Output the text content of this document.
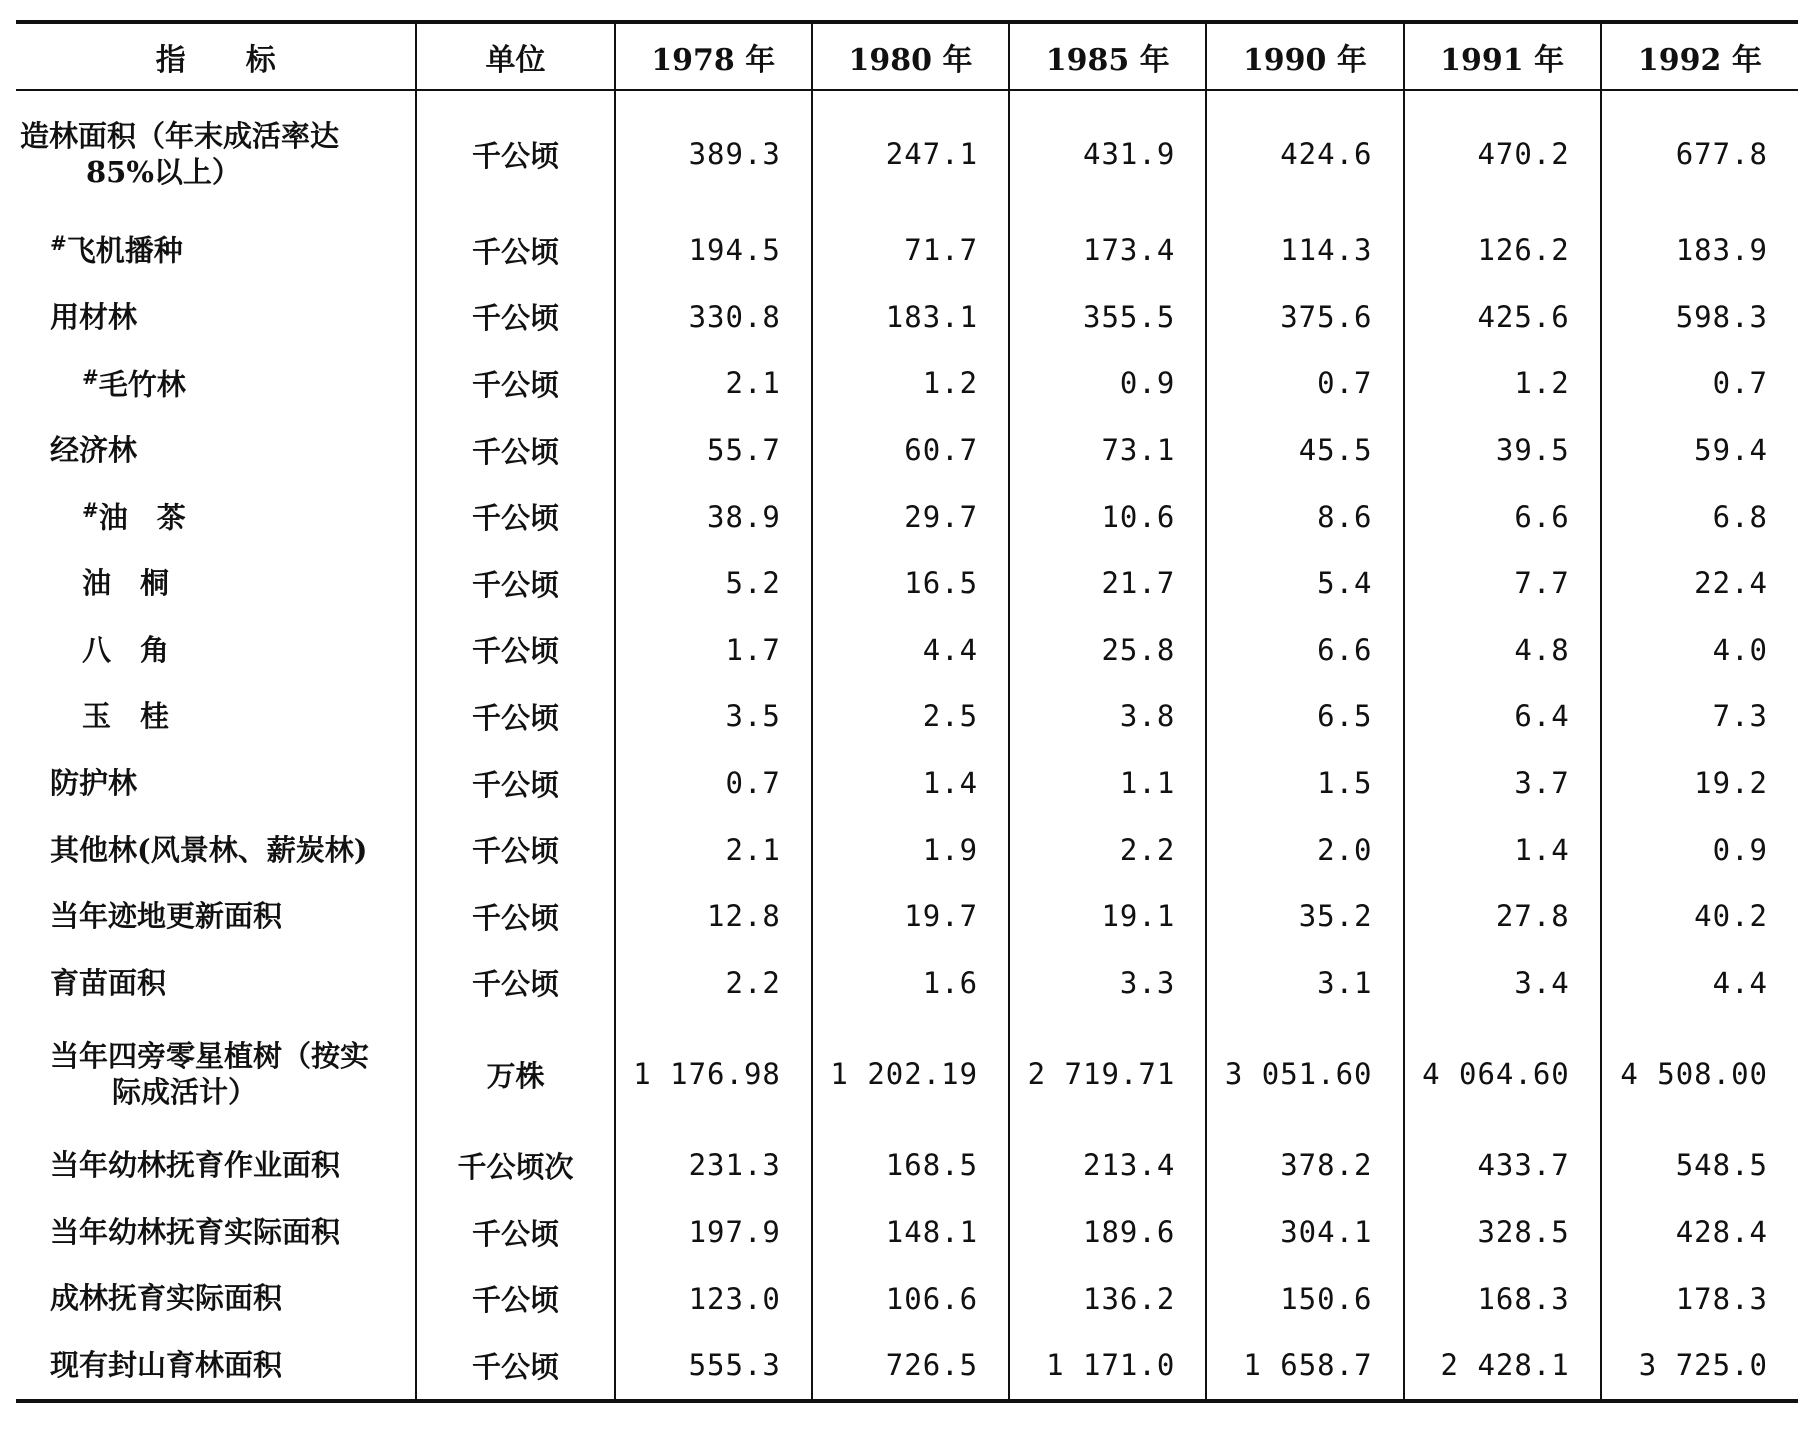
指　　标	单位	1978 年	1980 年	1985 年	1990 年	1991 年	1992 年
造林面积（年末成活率达
85%以上）	千公顷	389.3	247.1	431.9	424.6	470.2	677.8
#飞机播种	千公顷	194.5	71.7	173.4	114.3	126.2	183.9
用材林	千公顷	330.8	183.1	355.5	375.6	425.6	598.3
#毛竹林	千公顷	2.1	1.2	0.9	0.7	1.2	0.7
经济林	千公顷	55.7	60.7	73.1	45.5	39.5	59.4
#油　茶	千公顷	38.9	29.7	10.6	8.6	6.6	6.8
油　桐	千公顷	5.2	16.5	21.7	5.4	7.7	22.4
八　角	千公顷	1.7	4.4	25.8	6.6	4.8	4.0
玉　桂	千公顷	3.5	2.5	3.8	6.5	6.4	7.3
防护林	千公顷	0.7	1.4	1.1	1.5	3.7	19.2
其他林(风景林、薪炭林)	千公顷	2.1	1.9	2.2	2.0	1.4	0.9
当年迹地更新面积	千公顷	12.8	19.7	19.1	35.2	27.8	40.2
育苗面积	千公顷	2.2	1.6	3.3	3.1	3.4	4.4
当年四旁零星植树（按实
际成活计）	万株	1 176.98	1 202.19	2 719.71	3 051.60	4 064.60	4 508.00
当年幼林抚育作业面积	千公顷次	231.3	168.5	213.4	378.2	433.7	548.5
当年幼林抚育实际面积	千公顷	197.9	148.1	189.6	304.1	328.5	428.4
成林抚育实际面积	千公顷	123.0	106.6	136.2	150.6	168.3	178.3
现有封山育林面积	千公顷	555.3	726.5	1 171.0	1 658.7	2 428.1	3 725.0
